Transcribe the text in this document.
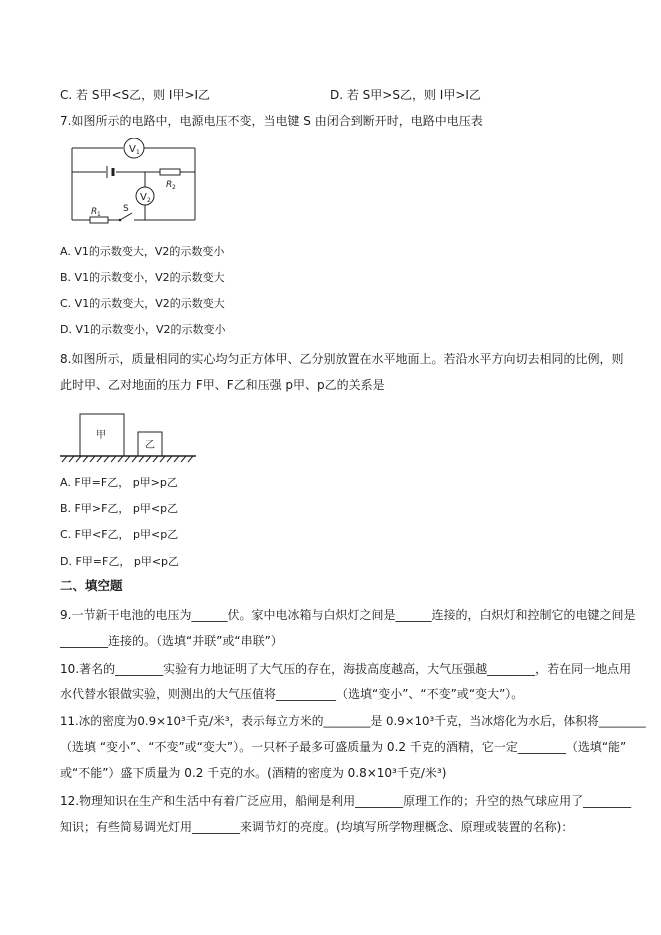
C. 若 S甲<S乙，则 I甲>I乙	D. 若 S甲>S乙，则 I甲>I乙
7.如图所示的电路中，电源电压不变，当电键 S 由闭合到断开时，电路中电压表
V 1
R 2
V 2
R 1
S
A. V1的示数变大，V2的示数变小
B. V1的示数变小，V2的示数变大
C. V1的示数变大，V2的示数变大
D. V1的示数变小，V2的示数变小
8.如图所示，质量相同的实心均匀正方体甲、乙分别放置在水平地面上。若沿水平方向切去相同的比例，则
此时甲、乙对地面的压力 F甲、F乙和压强 p甲、p乙的关系是
甲
乙
A. F甲=F乙， p甲>p乙
B. F甲>F乙， p甲<p乙
C. F甲<F乙， p甲<p乙
D. F甲=F乙， p甲<p乙
二、填空题
9.一节新干电池的电压为______伏。家中电冰箱与白炽灯之间是______连接的，白炽灯和控制它的电键之间是
________连接的。（选填“并联”或“串联”）
10.著名的________实验有力地证明了大气压的存在，海拔高度越高，大气压强越________，若在同一地点用
水代替水银做实验，则测出的大气压值将__________（选填“变小”、“不变”或“变大”）。
11.冰的密度为0.9×10³千克/米³，表示每立方米的________是 0.9×10³千克，当冰熔化为水后，体积将________
（选填 “变小”、“不变”或“变大”）。一只杯子最多可盛质量为 0.2 千克的酒精，它一定________（选填“能”
或“不能”）盛下质量为 0.2 千克的水。(酒精的密度为 0.8×10³千克/米³)
12.物理知识在生产和生活中有着广泛应用，船闸是利用________原理工作的；升空的热气球应用了________
知识；有些简易调光灯用________来调节灯的亮度。(均填写所学物理概念、原理或装置的名称)：
